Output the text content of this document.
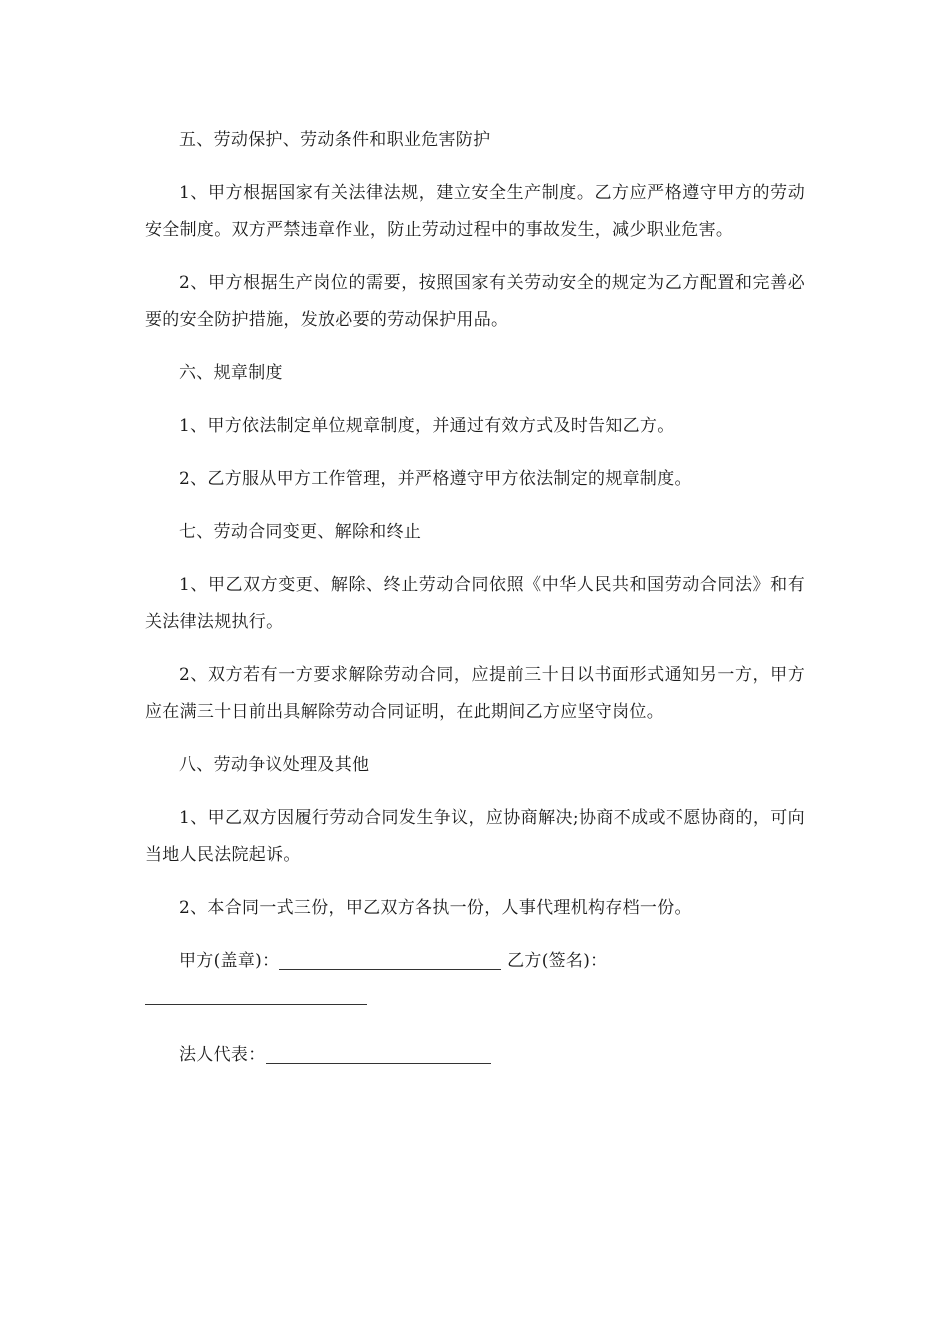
五、劳动保护、劳动条件和职业危害防护

1、甲方根据国家有关法律法规，建立安全生产制度。乙方应严格遵守甲方的劳动安全制度。双方严禁违章作业，防止劳动过程中的事故发生，减少职业危害。

2、甲方根据生产岗位的需要，按照国家有关劳动安全的规定为乙方配置和完善必要的安全防护措施，发放必要的劳动保护用品。

六、规章制度

1、甲方依法制定单位规章制度，并通过有效方式及时告知乙方。

2、乙方服从甲方工作管理，并严格遵守甲方依法制定的规章制度。

七、劳动合同变更、解除和终止

1、甲乙双方变更、解除、终止劳动合同依照《中华人民共和国劳动合同法》和有关法律法规执行。

2、双方若有一方要求解除劳动合同，应提前三十日以书面形式通知另一方，甲方应在满三十日前出具解除劳动合同证明，在此期间乙方应坚守岗位。

八、劳动争议处理及其他

1、甲乙双方因履行劳动合同发生争议，应协商解决;协商不成或不愿协商的，可向当地人民法院起诉。

2、本合同一式三份，甲乙双方各执一份，人事代理机构存档一份。

甲方(盖章)：	乙方(签名)：

法人代表：
